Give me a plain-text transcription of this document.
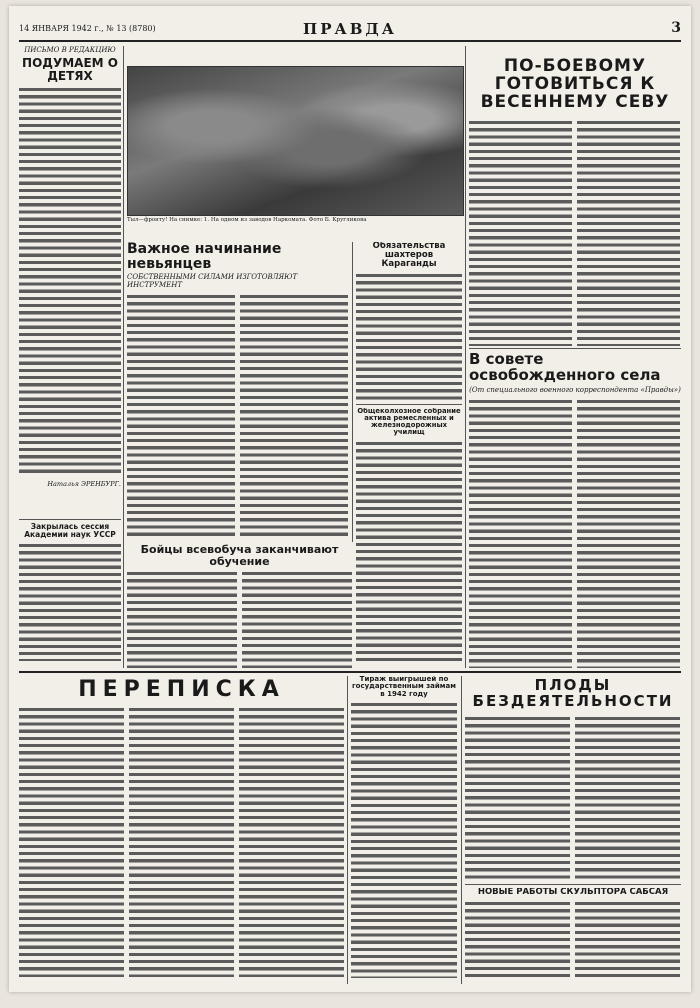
14 ЯНВАРЯ 1942 г., № 13 (8780)	ПРАВДА	3
ПИСЬМО В РЕДАКЦИЮ
ПОДУМАЕМ О ДЕТЯХ
Наталья ЭРЕНБУРГ.
Закрылась сессия Академии наук УССР
Тыл—фронту! На снимке: 1. На одном из заводов Наркомата. Фото Б. Кругликова
Важное начинание невьянцев
СОБСТВЕННЫМИ СИЛАМИ ИЗГОТОВЛЯЮТ ИНСТРУМЕНТ
Обязательства шахтеров Караганды
Общеколхозное собрание актива ремесленных и железнодорожных училищ
Бойцы всевобуча заканчивают обучение
ПО-БОЕВОМУ ГОТОВИТЬСЯ К ВЕСЕННЕМУ СЕВУ
В совете освобожденного села
(От специального военного корреспондента «Правды»)
ПЕРЕПИСКА	Тираж выигрышей по государственным займам в 1942 году	ПЛОДЫ БЕЗДЕЯТЕЛЬНОСТИ
НОВЫЕ РАБОТЫ СКУЛЬПТОРА САБСАЯ
